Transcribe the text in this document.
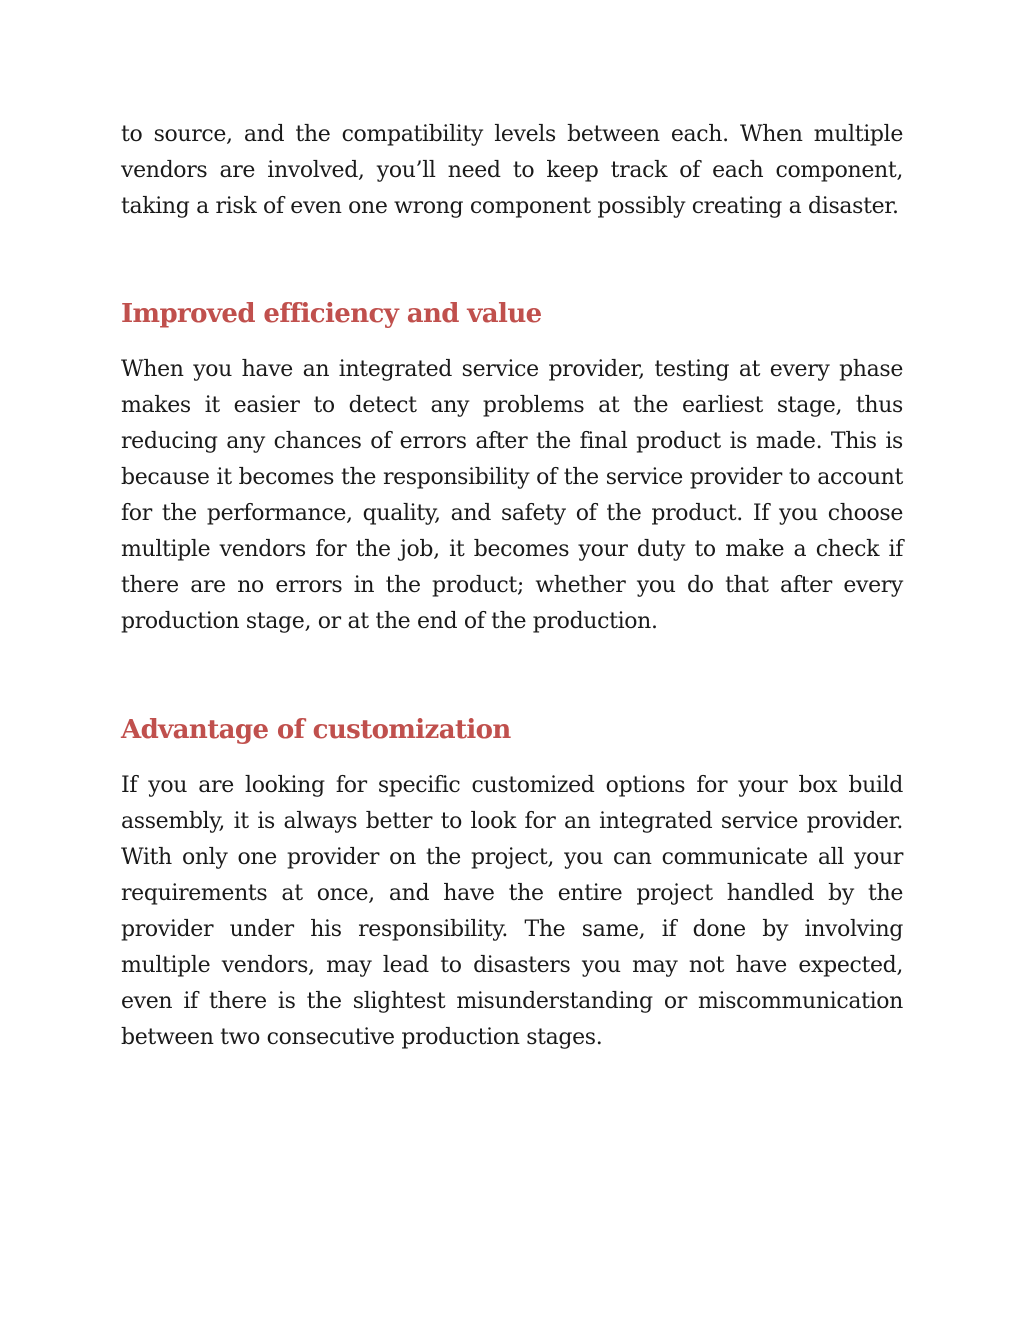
to source, and the compatibility levels between each. When multiple vendors are involved, you’ll need to keep track of each component, taking a risk of even one wrong component possibly creating a disaster.

Improved efficiency and value

When you have an integrated service provider, testing at every phase makes it easier to detect any problems at the earliest stage, thus reducing any chances of errors after the final product is made. This is because it becomes the responsibility of the service provider to account for the performance, quality, and safety of the product. If you choose multiple vendors for the job, it becomes your duty to make a check if there are no errors in the product; whether you do that after every production stage, or at the end of the production.

Advantage of customization

If you are looking for specific customized options for your box build assembly, it is always better to look for an integrated service provider. With only one provider on the project, you can communicate all your requirements at once, and have the entire project handled by the provider under his responsibility. The same, if done by involving multiple vendors, may lead to disasters you may not have expected, even if there is the slightest misunderstanding or miscommunication between two consecutive production stages.
